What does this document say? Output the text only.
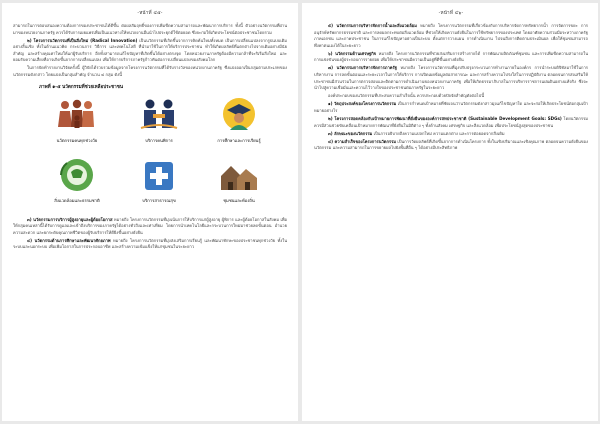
-หน้าที่ ๔๕-

สามารถในการตอบสนองความต้องการของประชาชนได้ดีขึ้น ต่อผลสัมฤทธิ์ของการเพิ่มขีดความสามารถและพัฒนาการบริการ ทั้งนี้ ตัวอย่างนวัตกรรมที่ผ่านมาของหน่วยงานภาครัฐ ควรได้รับการเผยแพร่เพื่อเป็นแนวทางให้หน่วยงานอื่นนำไปประยุกต์ใช้ต่อยอด ซึ่งจะก่อให้เกิดประโยชน์ต่อประชาชนโดยรวม

๒) โครงการนวัตกรรมที่เป็นสิ่งใหม่ (Radical Innovation) เป็นนวัตกรรมที่เกิดขึ้นจากการคิดค้นใหม่ทั้งหมด เป็นการเปลี่ยนแปลงจากรูปแบบเดิมอย่างสิ้นเชิง ทั้งในด้านแนวคิด กระบวนการ วิธีการ และเทคโนโลยี ที่นำมาใช้ในการให้บริการประชาชน ทำให้เกิดผลลัพธ์ที่แตกต่างไปจากเดิมอย่างมีนัยสำคัญ และสร้างคุณค่าใหม่ให้แก่ผู้รับบริการ อีกทั้งสามารถแก้ไขปัญหาที่เกิดขึ้นได้อย่างตรงจุด โดยหน่วยงานภาครัฐต้องมีความกล้าที่จะริเริ่มสิ่งใหม่ และยอมรับความเสี่ยงที่อาจเกิดขึ้นจากการเปลี่ยนแปลง เพื่อให้การบริการภาครัฐก้าวทันต่อการเปลี่ยนแปลงของสังคมโลก

ในการจัดทำรายงานวิจัยครั้งนี้ ผู้วิจัยได้รวบรวมข้อมูลจากโครงการนวัตกรรมที่ได้รับรางวัลของหน่วยงานภาครัฐ ซึ่งแบ่งออกเป็นกลุ่มตามประเภทของนวัตกรรมดังกล่าว โดยแบ่งเป็นกลุ่มสำคัญ จำนวน ๔ กลุ่ม ดังนี้

ภาพที่ ๑-๕ นวัตกรรมที่ช่วยเหลือประชาชน
นวัตกรรมคนทุกช่วงวัย	บริการคนพิการ	การศึกษาและการเรียนรู้
สิ่งแวดล้อมและธรรมชาติ	บริการสาธารณสุข	ชุมชนและท้องถิ่น

๓) นวัตกรรมการบริการผู้สูงอายุและผู้ด้อยโอกาส หมายถึง โครงการนวัตกรรมที่มุ่งเน้นการให้บริการแก่ผู้สูงอายุ ผู้พิการ และผู้ด้อยโอกาสในสังคม เพื่อให้กลุ่มคนเหล่านี้ได้รับการดูแลและเข้าถึงบริการของภาครัฐได้อย่างทั่วถึงและเท่าเทียม โดยการนำเทคโนโลยีและกระบวนการใหม่มาช่วยลดขั้นตอน อำนวยความสะดวก และยกระดับคุณภาพชีวิตของผู้รับบริการให้ดียิ่งขึ้นอย่างยั่งยืน

๔) นวัตกรรมด้านการศึกษาและพัฒนาศักยภาพ หมายถึง โครงการนวัตกรรมที่มุ่งส่งเสริมการเรียนรู้ และพัฒนาทักษะของประชาชนทุกช่วงวัย ทั้งในระบบและนอกระบบ เพื่อเพิ่มโอกาสในการประกอบอาชีพ และสร้างความเข้มแข็งให้แก่ชุมชนในระยะยาว

-หน้าที่ ๔๖-

๕) นวัตกรรมการบริหารจัดการน้ำและสิ่งแวดล้อม หมายถึง โครงการนวัตกรรมที่เกี่ยวข้องกับการบริหารจัดการทรัพยากรน้ำ การจัดการขยะ การอนุรักษ์ทรัพยากรธรรมชาติ และการลดผลกระทบต่อสิ่งแวดล้อม ที่ช่วยให้เกิดความยั่งยืนในการใช้ทรัพยากรของประเทศ โดยอาศัยความร่วมมือระหว่างภาครัฐ ภาคเอกชน และภาคประชาชน ในการแก้ไขปัญหาอย่างเป็นระบบ ตั้งแต่การวางแผน การดำเนินงาน ไปจนถึงการติดตามประเมินผล เพื่อให้ชุมชนสามารถพึ่งพาตนเองได้ในระยะยาว

๖) นวัตกรรมด้านเศรษฐกิจ หมายถึง โครงการนวัตกรรมที่ช่วยส่งเสริมการสร้างรายได้ การพัฒนาผลิตภัณฑ์ชุมชน และการเพิ่มขีดความสามารถในการแข่งขันของผู้ประกอบการรายย่อย เพื่อให้ประชาชนมีความเป็นอยู่ที่ดีขึ้นอย่างยั่งยืน

๗) นวัตกรรมการบริหารจัดการภาครัฐ หมายถึง โครงการนวัตกรรมที่มุ่งปรับปรุงกระบวนการทำงานภายในองค์กร การนำระบบดิจิทัลมาใช้ในการบริหารงาน การลดขั้นตอนและระยะเวลาในการให้บริการ การเปิดเผยข้อมูลต่อสาธารณะ และการสร้างความโปร่งใสในการปฏิบัติงาน ตลอดจนการส่งเสริมให้ประชาชนมีส่วนร่วมในการตรวจสอบและติดตามการดำเนินงานของหน่วยงานภาครัฐ เพื่อให้เกิดธรรมาภิบาลในการบริหารราชการแผ่นดินอย่างแท้จริง ซึ่งจะนำไปสู่ความเชื่อมั่นและความไว้วางใจของประชาชนต่อภาครัฐในระยะยาว

องค์ประกอบของนวัตกรรมที่ประสบความสำเร็จนั้น ควรประกอบด้วยปัจจัยสำคัญดังต่อไปนี้

๑) วัตถุประสงค์ของโครงการนวัตกรรม เป็นการกำหนดเป้าหมายที่ชัดเจนว่านวัตกรรมดังกล่าวมุ่งแก้ไขปัญหาใด และจะก่อให้เกิดประโยชน์ต่อกลุ่มเป้าหมายอย่างไร

๒) โครงการสอดคล้องกับเป้าหมายการพัฒนาที่ยั่งยืนขององค์การสหประชาชาติ (Sustainable Development Goals: SDGs) โดยนวัตกรรมควรมีส่วนช่วยขับเคลื่อนเป้าหมายการพัฒนาที่ยั่งยืนในมิติต่าง ๆ ทั้งด้านสังคม เศรษฐกิจ และสิ่งแวดล้อม เพื่อประโยชน์สูงสุดของประชาชน

๓) ลักษณะของนวัตกรรม เป็นการอธิบายถึงความแปลกใหม่ ความแตกต่าง และการต่อยอดจากสิ่งเดิม

๔) ความสำเร็จของโครงการนวัตกรรม เป็นการวัดผลลัพธ์ที่เกิดขึ้นจากการดำเนินโครงการ ทั้งในเชิงปริมาณและเชิงคุณภาพ ตลอดจนความยั่งยืนของนวัตกรรม และความสามารถในการขยายผลไปยังพื้นที่อื่น ๆ ได้อย่างมีประสิทธิภาพ
